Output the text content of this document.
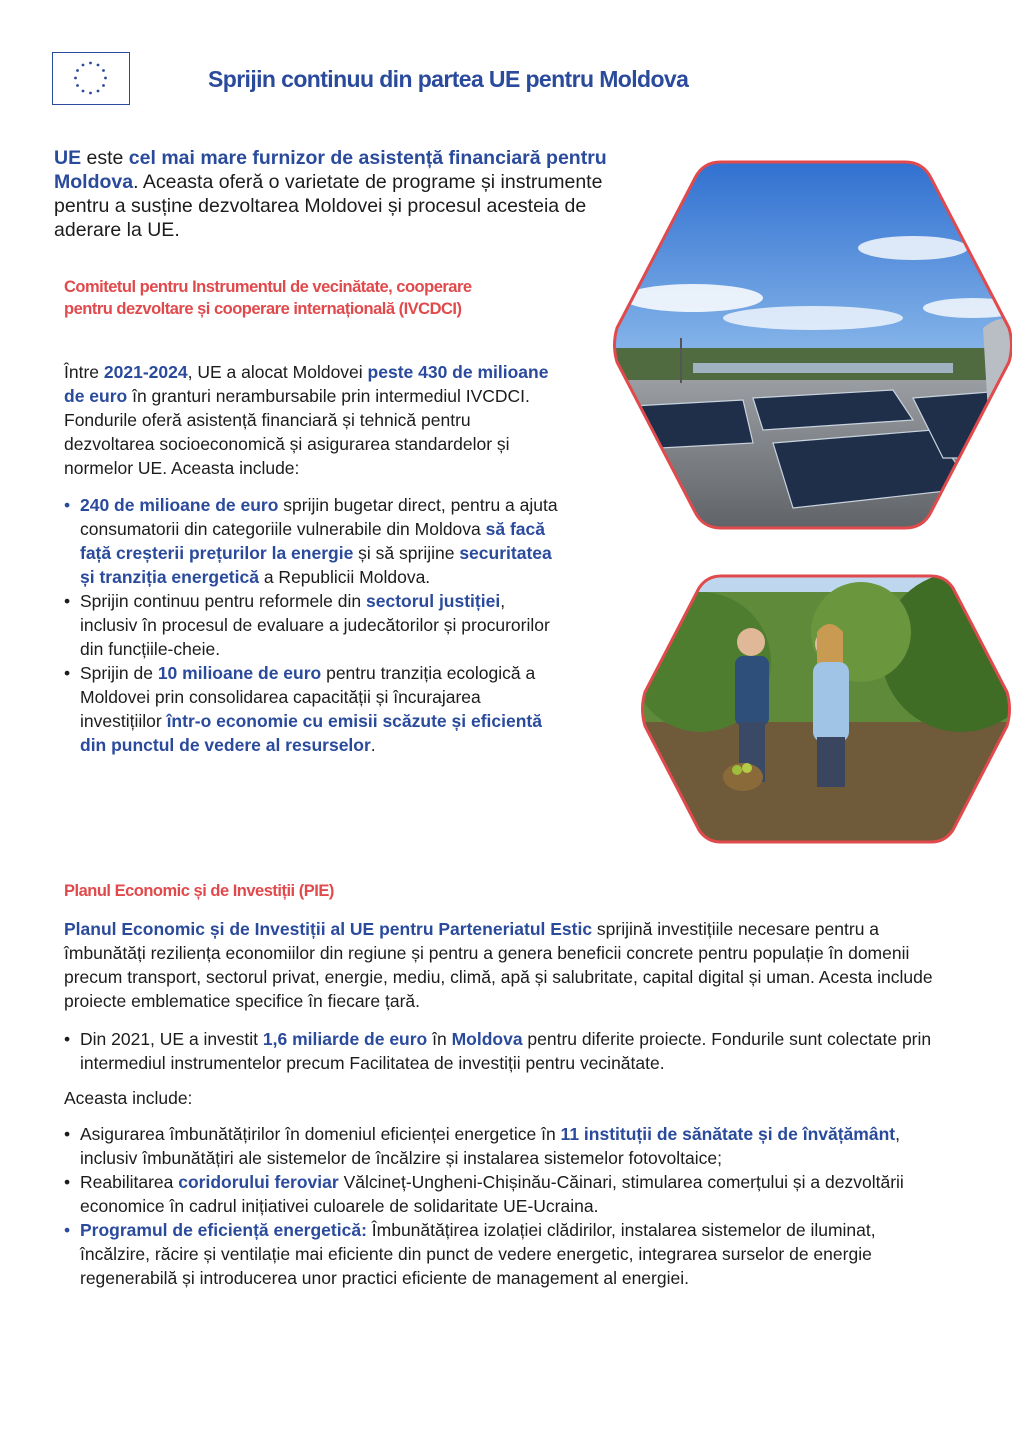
Sprijin continuu din partea UE pentru Moldova

UE este cel mai mare furnizor de asistență financiară pentru Moldova. Aceasta oferă o varietate de programe și instrumente pentru a susține dezvoltarea Moldovei și procesul acesteia de aderare la UE.

Comitetul pentru Instrumentul de vecinătate, cooperare pentru dezvoltare și cooperare internațională (IVCDCI)

Între 2021-2024, UE a alocat Moldovei peste 430 de milioane de euro în granturi nerambursabile prin intermediul IVCDCI. Fondurile oferă asistență financiară și tehnică pentru dezvoltarea socioeconomică și asigurarea standardelor și normelor UE. Aceasta include:

• 240 de milioane de euro sprijin bugetar direct, pentru a ajuta consumatorii din categoriile vulnerabile din Moldova să facă față creșterii prețurilor la energie și să sprijine securitatea și tranziția energetică a Republicii Moldova.
• Sprijin continuu pentru reformele din sectorul justiției, inclusiv în procesul de evaluare a judecătorilor și procurorilor din funcțiile-cheie.
• Sprijin de 10 milioane de euro pentru tranziția ecologică a Moldovei prin consolidarea capacității și încurajarea investițiilor într-o economie cu emisii scăzute și eficientă din punctul de vedere al resurselor.
Planul Economic și de Investiții (PIE)

Planul Economic și de Investiții al UE pentru Parteneriatul Estic sprijină investițiile necesare pentru a îmbunătăți reziliența economiilor din regiune și pentru a genera beneficii concrete pentru populație în domenii precum transport, sectorul privat, energie, mediu, climă, apă și salubritate, capital digital și uman. Acesta include proiecte emblematice specifice în fiecare țară.

• Din 2021, UE a investit 1,6 miliarde de euro în Moldova pentru diferite proiecte. Fondurile sunt colectate prin intermediul instrumentelor precum Facilitatea de investiții pentru vecinătate.

Aceasta include:

• Asigurarea îmbunătățirilor în domeniul eficienței energetice în 11 instituții de sănătate și de învățământ, inclusiv îmbunătățiri ale sistemelor de încălzire și instalarea sistemelor fotovoltaice;
• Reabilitarea coridorului feroviar Vălcineț-Ungheni-Chișinău-Căinari, stimularea comerțului și a dezvoltării economice în cadrul inițiativei culoarele de solidaritate UE-Ucraina.
• Programul de eficiență energetică: Îmbunătățirea izolației clădirilor, instalarea sistemelor de iluminat, încălzire, răcire și ventilație mai eficiente din punct de vedere energetic, integrarea surselor de energie regenerabilă și introducerea unor practici eficiente de management al energiei.
